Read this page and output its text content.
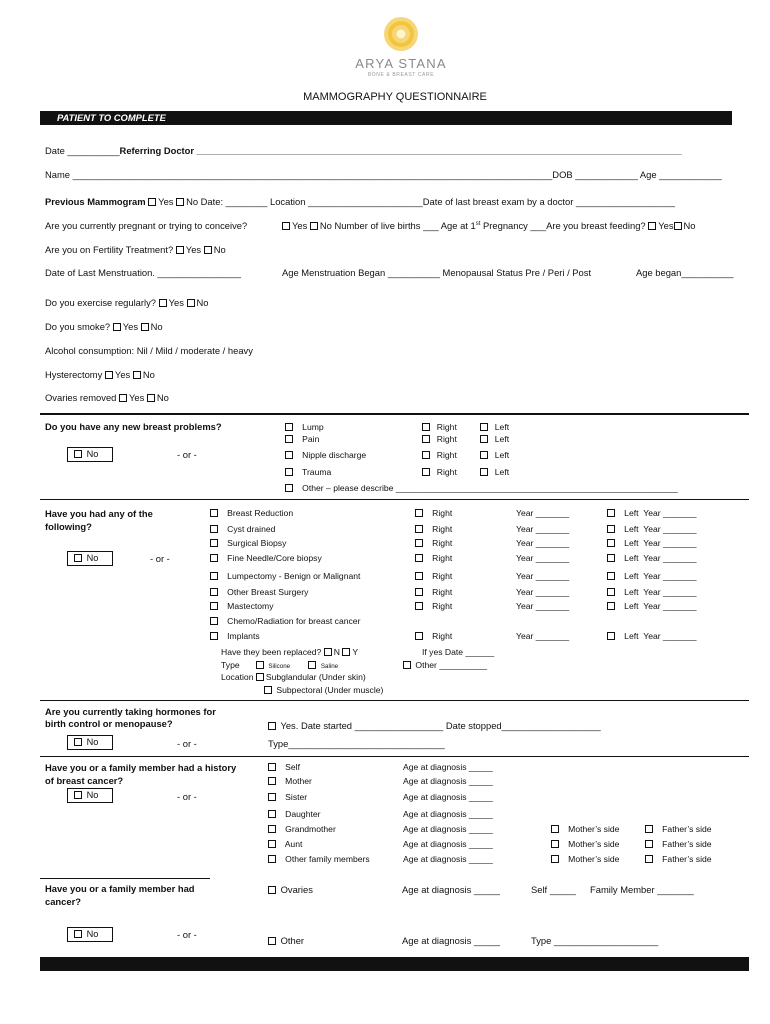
ARYA STANA
BONE & BREAST CARE
MAMMOGRAPHY QUESTIONNAIRE
PATIENT TO COMPLETE
Date __________Referring Doctor _____________________________________________________________________________________________
Name ____________________________________________________________________________________________DOB ____________ Age ____________
Previous Mammogram Yes No Date: ________ Location ______________________Date of last breast exam by a doctor ___________________
Are you currently pregnant or trying to conceive?	Yes No Number of live births ___ Age at 1st Pregnancy ___Are you breast feeding? Yes No
Are you on Fertility Treatment? Yes No
Date of Last Menstruation. ________________	Age Menstruation Began __________ Menopausal Status Pre / Peri / Post	Age began__________
Do you exercise regularly? Yes No
Do you smoke? Yes No
Alcohol consumption: Nil / Mild / moderate / heavy
Hysterectomy Yes No
Ovaries removed Yes No
Do you have any new breast problems?
No	- or -
Lump	Right	Left
Pain	Right	Left
Nipple discharge	Right	Left
Trauma	Right	Left
Other – please describe ___________________________________________________________
Have you had any of the
following?
No	- or -
Breast Reduction	Right	Year _______	Left Year _______
Cyst drained	Right	Year _______	Left Year _______
Surgical Biopsy	Right	Year _______	Left Year _______
Fine Needle/Core biopsy	Right	Year _______	Left Year _______
Lumpectomy - Benign or Malignant	Right	Year _______	Left Year _______
Other Breast Surgery	Right	Year _______	Left Year _______
Mastectomy	Right	Year _______	Left Year _______
Chemo/Radiation for breast cancer
Implants	Right	Year _______	Left Year _______
Have they been replaced? N Y	If yes Date ______
Type	Silicone	Saline	Other __________
Location Subglandular (Under skin)
Subpectoral (Under muscle)
Are you currently taking hormones for
birth control or menopause?
No	- or -
Yes. Date started _________________ Date stopped___________________
Type______________________________
Have you or a family member had a history
of breast cancer?
No	- or -
Self	Age at diagnosis _____
Mother	Age at diagnosis _____
Sister	Age at diagnosis _____
Daughter	Age at diagnosis _____
Grandmother	Age at diagnosis _____	Mother’s side	Father’s side
Aunt	Age at diagnosis _____	Mother’s side	Father’s side
Other family members	Age at diagnosis _____	Mother’s side	Father’s side
Have you or a family member had
cancer?
No	- or -
Ovaries	Age at diagnosis _____	Self _____ Family Member _______
Other	Age at diagnosis _____	Type ____________________
